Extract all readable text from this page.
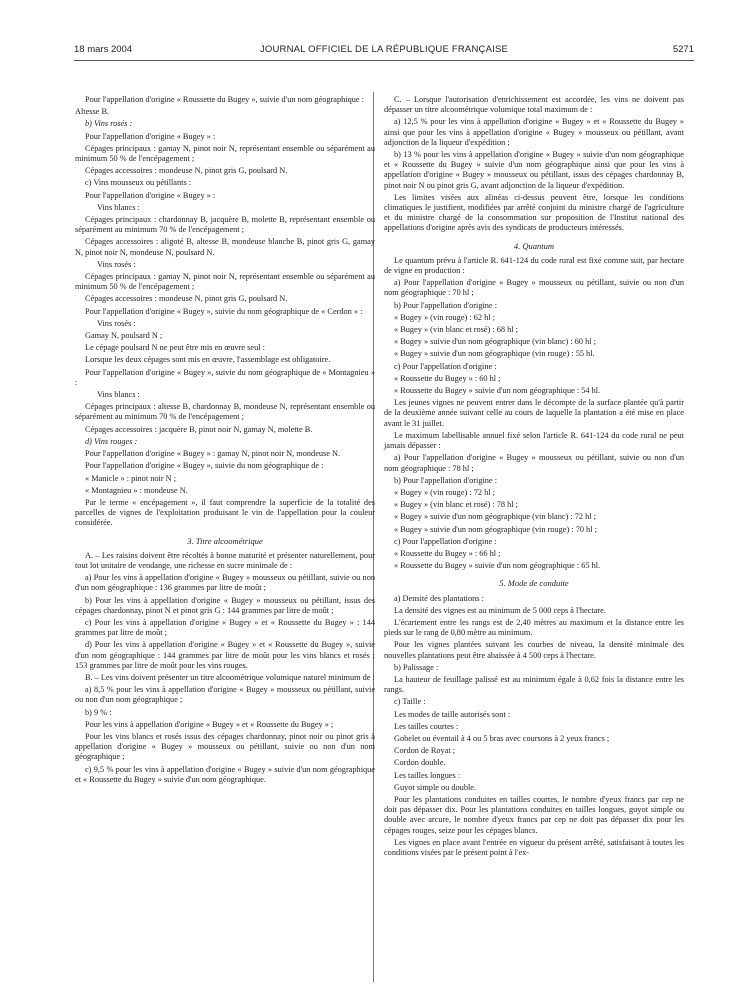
18 mars 2004	JOURNAL OFFICIEL DE LA RÉPUBLIQUE FRANÇAISE	5271

Pour l'appellation d'origine « Roussette du Bugey », suivie d'un nom géographique :

Altesse B.

b) Vins rosés :

Pour l'appellation d'origine « Bugey » :

Cépages principaux : gamay N, pinot noir N, représentant ensemble ou séparément au minimum 50 % de l'encépagement ;

Cépages accessoires : mondeuse N, pinot gris G, poulsard N.

c) Vins mousseux ou pétillants :

Pour l'appellation d'origine « Bugey » :

Vins blancs :

Cépages principaux : chardonnay B, jacquère B, molette B, représentant ensemble ou séparément au minimum 70 % de l'encépagement ;

Cépages accessoires : aligoté B, altesse B, mondeuse blanche B, pinot gris G, gamay N, pinot noir N, mondeuse N, poulsard N.

Vins rosés :

Cépages principaux : gamay N, pinot noir N, représentant ensemble ou séparément au minimum 50 % de l'encépagement ;

Cépages accessoires : mondeuse N, pinot gris G, poulsard N.

Pour l'appellation d'origine « Bugey », suivie du nom géographique de « Cerdon » :

Vins rosés :

Gamay N, poulsard N ;

Le cépage poulsard N ne peut être mis en œuvre seul :

Lorsque les deux cépages sont mis en œuvre, l'assemblage est obligatoire.

Pour l'appellation d'origine « Bugey », suivie du nom géographique de « Montagnieu » :

Vins blancs :

Cépages principaux : altesse B, chardonnay B, mondeuse N, représentant ensemble ou séparément au minimum 70 % de l'encépagement ;

Cépages accessoires : jacquère B, pinot noir N, gamay N, molette B.

d) Vins rouges :

Pour l'appellation d'origine « Bugey » : gamay N, pinot noir N, mondeuse N.

Pour l'appellation d'origine « Bugey », suivie du nom géographique de :

« Manicle » : pinot noir N ;

« Montagnieu » : mondeuse N.

Par le terme « encépagement », il faut comprendre la superficie de la totalité des parcelles de vignes de l'exploitation produisant le vin de l'appellation pour la couleur considérée.

3. Titre alcoométrique

A. – Les raisins doivent être récoltés à bonne maturité et présenter naturellement, pour tout lot unitaire de vendange, une richesse en sucre minimale de :

a) Pour les vins à appellation d'origine « Bugey » mousseux ou pétillant, suivie ou non d'un nom géographique : 136 grammes par litre de moût ;

b) Pour les vins à appellation d'origine « Bugey » mousseux ou pétillant, issus des cépages chardonnay, pinot N et pinot gris G : 144 grammes par litre de moût ;

c) Pour les vins à appellation d'origine « Bugey » et « Roussette du Bugey » : 144 grammes par litre de moût ;

d) Pour les vins à appellation d'origine « Bugey » et « Roussette du Bugey », suivie d'un nom géographique : 144 grammes par litre de moût pour les vins blancs et rosés ; 153 grammes par litre de moût pour les vins rouges.

B. – Les vins doivent présenter un titre alcoométrique volumique naturel minimum de :

a) 8,5 % pour les vins à appellation d'origine « Bugey » mousseux ou pétillant, suivie ou non d'un nom géographique ;

b) 9 % :

Pour les vins à appellation d'origine « Bugey » et « Roussette du Bugey » ;

Pour les vins blancs et rosés issus des cépages chardonnay, pinot noir ou pinot gris à appellation d'origine « Bugey » mousseux ou pétillant, suivie ou non d'un nom géographique ;

c) 9,5 % pour les vins à appellation d'origine « Bugey » suivie d'un nom géographique et « Roussette du Bugey » suivie d'un nom géographique.

C. – Lorsque l'autorisation d'enrichissement est accordée, les vins ne doivent pas dépasser un titre alcoométrique volumique total maximum de :

a) 12,5 % pour les vins à appellation d'origine « Bugey » et « Roussette du Bugey » ainsi que pour les vins à appellation d'origine « Bugey » mousseux ou pétillant, avant adjonction de la liqueur d'expédition ;

b) 13 % pour les vins à appellation d'origine « Bugey » suivie d'un nom géographique et « Roussette du Bugey » suivie d'un nom géographique ainsi que pour les vins à appellation d'origine « Bugey » mousseux ou pétillant, issus des cépages chardonnay B, pinot noir N ou pinot gris G, avant adjonction de la liqueur d'expédition.

Les limites visées aux alinéas ci-dessus peuvent être, lorsque les conditions climatiques le justifient, modifiées par arrêté conjoint du ministre chargé de l'agriculture et du ministre chargé de la consommation sur proposition de l'Institut national des appellations d'origine après avis des syndicats de producteurs intéressés.

4. Quantum

Le quantum prévu à l'article R. 641-124 du code rural est fixé comme suit, par hectare de vigne en production :

a) Pour l'appellation d'origine « Bugey » mousseux ou pétillant, suivie ou non d'un nom géographique : 70 hl ;

b) Pour l'appellation d'origine :

« Bugey » (vin rouge) : 62 hl ;

« Bugey » (vin blanc et rosé) : 68 hl ;

« Bugey » suivie d'un nom géographique (vin blanc) : 60 hl ;

« Bugey » suivie d'un nom géographique (vin rouge) : 55 hl.

c) Pour l'appellation d'origine :

« Roussette du Bugey » : 60 hl ;

« Roussette du Bugey » suivie d'un nom géographique : 54 hl.

Les jeunes vignes ne peuvent entrer dans le décompte de la surface plantée qu'à partir de la deuxième année suivant celle au cours de laquelle la plantation a été mise en place avant le 31 juillet.

Le maximum labellisable annuel fixé selon l'article R. 641-124 du code rural ne peut jamais dépasser :

a) Pour l'appellation d'origine « Bugey » mousseux ou pétillant, suivie ou non d'un nom géographique : 78 hl ;

b) Pour l'appellation d'origine :

« Bugey » (vin rouge) : 72 hl ;

« Bugey » (vin blanc et rosé) : 78 hl ;

« Bugey » suivie d'un nom géographique (vin blanc) : 72 hl ;

« Bugey » suivie d'un nom géographique (vin rouge) : 70 hl ;

c) Pour l'appellation d'origine :

« Roussette du Bugey » : 66 hl ;

« Roussette du Bugey » suivie d'un nom géographique : 65 hl.

5. Mode de conduite

a) Densité des plantations :

La densité des vignes est au minimum de 5 000 ceps à l'hectare.

L'écartement entre les rangs est de 2,40 mètres au maximum et la distance entre les pieds sur le rang de 0,80 mètre au minimum.

Pour les vignes plantées suivant les courbes de niveau, la densité minimale des nouvelles plantations peut être abaissée à 4 500 ceps à l'hectare.

b) Palissage :

La hauteur de feuillage palissé est au minimum égale à 0,62 fois la distance entre les rangs.

c) Taille :

Les modes de taille autorisés sont :

Les tailles courtes :

Gobelet ou éventail à 4 ou 5 bras avec coursons à 2 yeux francs ;

Cordon de Royat ;

Cordon double.

Les tailles longues :

Guyot simple ou double.

Pour les plantations conduites en tailles courtes, le nombre d'yeux francs par cep ne doit pas dépasser dix. Pour les plantations conduites en tailles longues, guyot simple ou double avec arcure, le nombre d'yeux francs par cep ne doit pas dépasser dix pour les cépages rouges, seize pour les cépages blancs.

Les vignes en place avant l'entrée en vigueur du présent arrêté, satisfaisant à toutes les conditions visées par le présent point à l'ex-
